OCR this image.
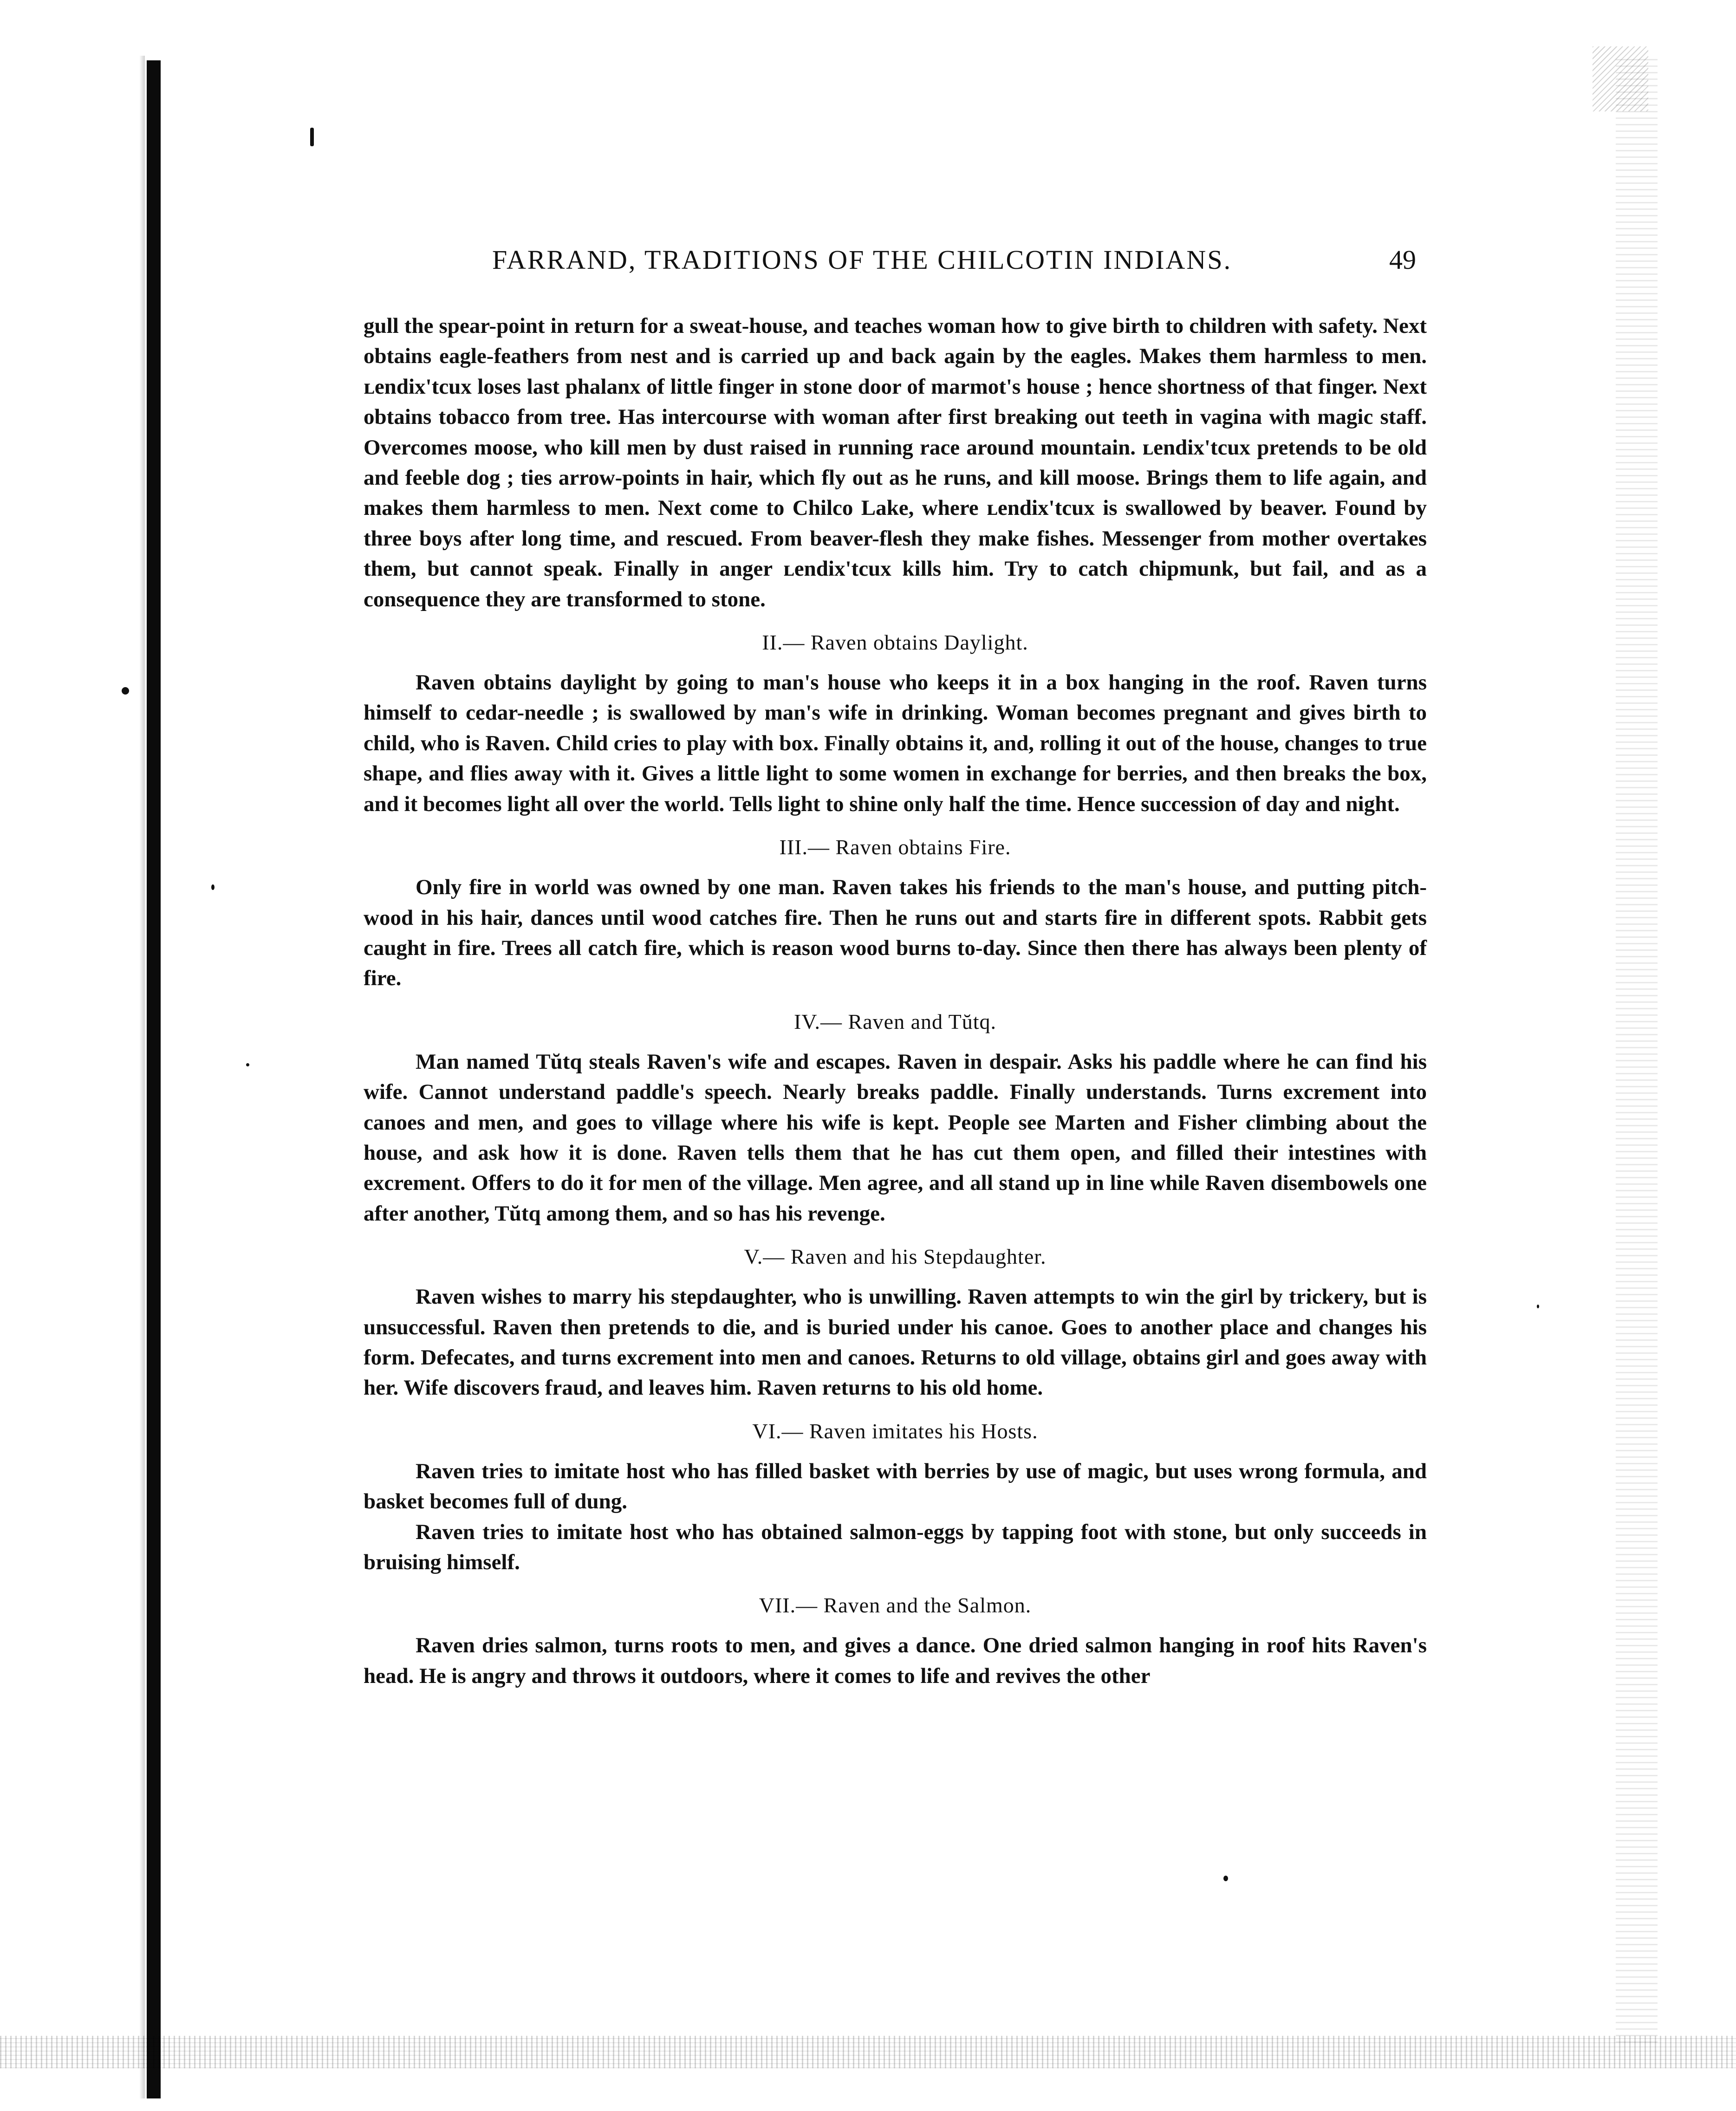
FARRAND, TRADITIONS OF THE CHILCOTIN INDIANS.	49

gull the spear-point in return for a sweat-house, and teaches woman how to give birth to children with safety. Next obtains eagle-feathers from nest and is carried up and back again by the eagles. Makes them harmless to men. ʟendix'tcux loses last phalanx of little finger in stone door of marmot's house ; hence shortness of that finger. Next obtains tobacco from tree. Has intercourse with woman after first breaking out teeth in vagina with magic staff. Overcomes moose, who kill men by dust raised in running race around mountain. ʟendix'tcux pretends to be old and feeble dog ; ties arrow-points in hair, which fly out as he runs, and kill moose. Brings them to life again, and makes them harmless to men. Next come to Chilco Lake, where ʟendix'tcux is swallowed by beaver. Found by three boys after long time, and rescued. From beaver-flesh they make fishes. Messenger from mother overtakes them, but cannot speak. Finally in anger ʟendix'tcux kills him. Try to catch chipmunk, but fail, and as a consequence they are transformed to stone.

II.— Raven obtains Daylight.

Raven obtains daylight by going to man's house who keeps it in a box hanging in the roof. Raven turns himself to cedar-needle ; is swallowed by man's wife in drinking. Woman becomes pregnant and gives birth to child, who is Raven. Child cries to play with box. Finally obtains it, and, rolling it out of the house, changes to true shape, and flies away with it. Gives a little light to some women in exchange for berries, and then breaks the box, and it becomes light all over the world. Tells light to shine only half the time. Hence succession of day and night.

III.— Raven obtains Fire.

Only fire in world was owned by one man. Raven takes his friends to the man's house, and putting pitch-wood in his hair, dances until wood catches fire. Then he runs out and starts fire in different spots. Rabbit gets caught in fire. Trees all catch fire, which is reason wood burns to-day. Since then there has always been plenty of fire.

IV.— Raven and Tŭtq.

Man named Tŭtq steals Raven's wife and escapes. Raven in despair. Asks his paddle where he can find his wife. Cannot understand paddle's speech. Nearly breaks paddle. Finally understands. Turns excrement into canoes and men, and goes to village where his wife is kept. People see Marten and Fisher climbing about the house, and ask how it is done. Raven tells them that he has cut them open, and filled their intestines with excrement. Offers to do it for men of the village. Men agree, and all stand up in line while Raven disembowels one after another, Tŭtq among them, and so has his revenge.

V.— Raven and his Stepdaughter.

Raven wishes to marry his stepdaughter, who is unwilling. Raven attempts to win the girl by trickery, but is unsuccessful. Raven then pretends to die, and is buried under his canoe. Goes to another place and changes his form. Defecates, and turns excrement into men and canoes. Returns to old village, obtains girl and goes away with her. Wife discovers fraud, and leaves him. Raven returns to his old home.

VI.— Raven imitates his Hosts.

Raven tries to imitate host who has filled basket with berries by use of magic, but uses wrong formula, and basket becomes full of dung.

Raven tries to imitate host who has obtained salmon-eggs by tapping foot with stone, but only succeeds in bruising himself.

VII.— Raven and the Salmon.

Raven dries salmon, turns roots to men, and gives a dance. One dried salmon hanging in roof hits Raven's head. He is angry and throws it outdoors, where it comes to life and revives the other
